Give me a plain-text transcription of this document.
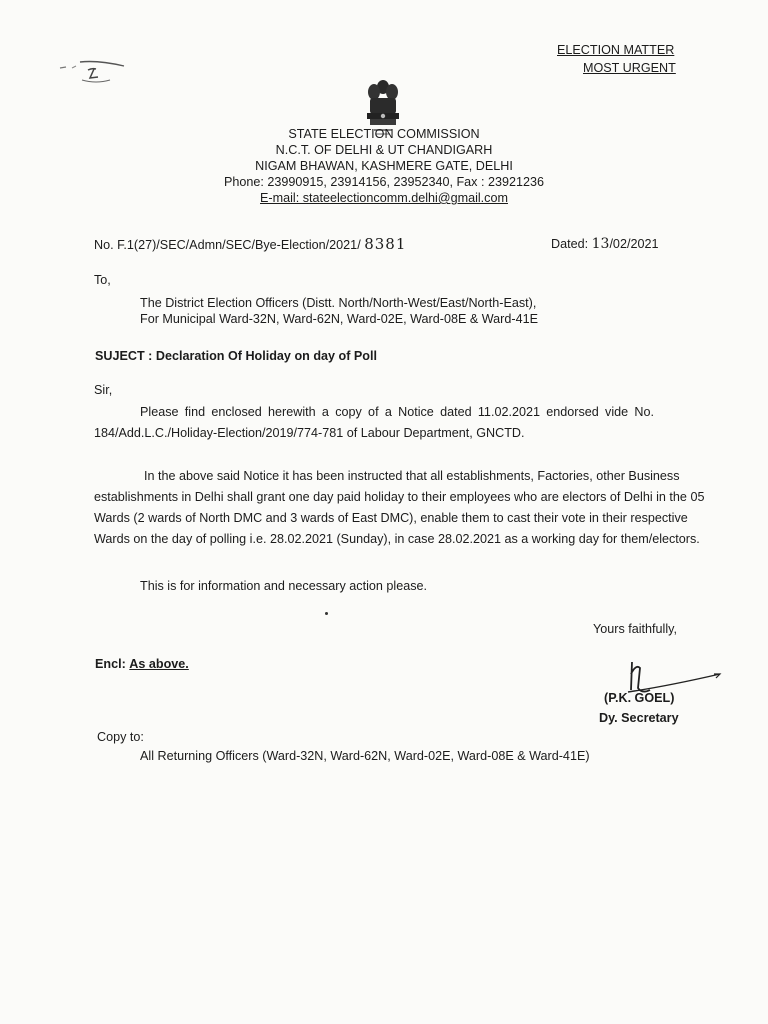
ELECTION MATTER
MOST URGENT
STATE ELECTION COMMISSION
N.C.T. OF DELHI & UT CHANDIGARH
NIGAM BHAWAN, KASHMERE GATE, DELHI
Phone: 23990915, 23914156, 23952340, Fax : 23921236
E-mail: stateelectioncomm.delhi@gmail.com
No. F.1(27)/SEC/Admn/SEC/Bye-Election/2021/ 8381	Dated: 13/02/2021
To,
The District Election Officers (Distt. North/North-West/East/North-East),
For Municipal Ward-32N, Ward-62N, Ward-02E, Ward-08E & Ward-41E
SUJECT : Declaration Of Holiday on day of Poll
Sir,
Please find enclosed herewith a copy of a Notice dated 11.02.2021 endorsed vide No.
184/Add.L.C./Holiday-Election/2019/774-781 of Labour Department, GNCTD.
In the above said Notice it has been instructed that all establishments, Factories, other Business
establishments in Delhi shall grant one day paid holiday to their employees who are electors of Delhi in the 05
Wards (2 wards of North DMC and 3 wards of East DMC), enable them to cast their vote in their respective
Wards on the day of polling i.e. 28.02.2021 (Sunday), in case 28.02.2021 as a working day for them/electors.
This is for information and necessary action please.
Yours faithfully,
Encl: As above.
(P.K. GOEL)
Dy. Secretary
Copy to:
All Returning Officers (Ward-32N, Ward-62N, Ward-02E, Ward-08E & Ward-41E)
